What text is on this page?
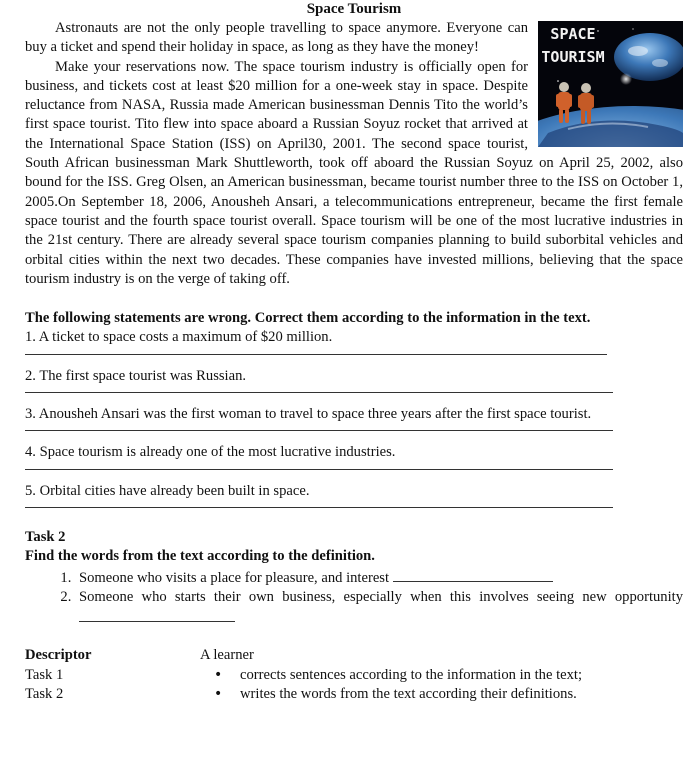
Space Tourism
SPACE
TOURISM

Astronauts are not the only people travelling to space anymore. Everyone can buy a ticket and spend their holiday in space, as long as they have the money!

Make your reservations now. The space tourism industry is officially open for business, and tickets cost at least $20 million for a one-week stay in space. Despite reluctance from NASA, Russia made American businessman Dennis Tito the world’s first space tourist. Tito flew into space aboard a Russian Soyuz rocket that arrived at the International Space Station (ISS) on April30, 2001. The second space tourist, South African businessman Mark Shuttleworth, took off aboard the Russian Soyuz on April 25, 2002, also bound for the ISS. Greg Olsen, an American businessman, became tourist number three to the ISS on October 1, 2005.On September 18, 2006, Anousheh Ansari, a telecommunications entrepreneur, became the first female space tourist and the fourth space tourist overall. Space tourism will be one of the most lucrative industries in the 21st century. There are already several space tourism companies planning to build suborbital vehicles and orbital cities within the next two decades. These companies have invested millions, believing that the space tourism industry is on the verge of taking off.

The following statements are wrong. Correct them according to the information in the text.
1. A ticket to space costs a maximum of $20 million.
2. The first space tourist was Russian.
3. Anousheh Ansari was the first woman to travel to space three years after the first space tourist.
4. Space tourism is already one of the most lucrative industries.
5. Orbital cities have already been built in space.
Task 2
Find the words from the text according to the definition.
1. Someone who visits a place for pleasure, and interest
2. Someone who starts their own business, especially when this involves seeing new opportunity
Descriptor
Task 1
Task 2
A learner
• corrects sentences according to the information in the text;
• writes the words from the text according their definitions.
